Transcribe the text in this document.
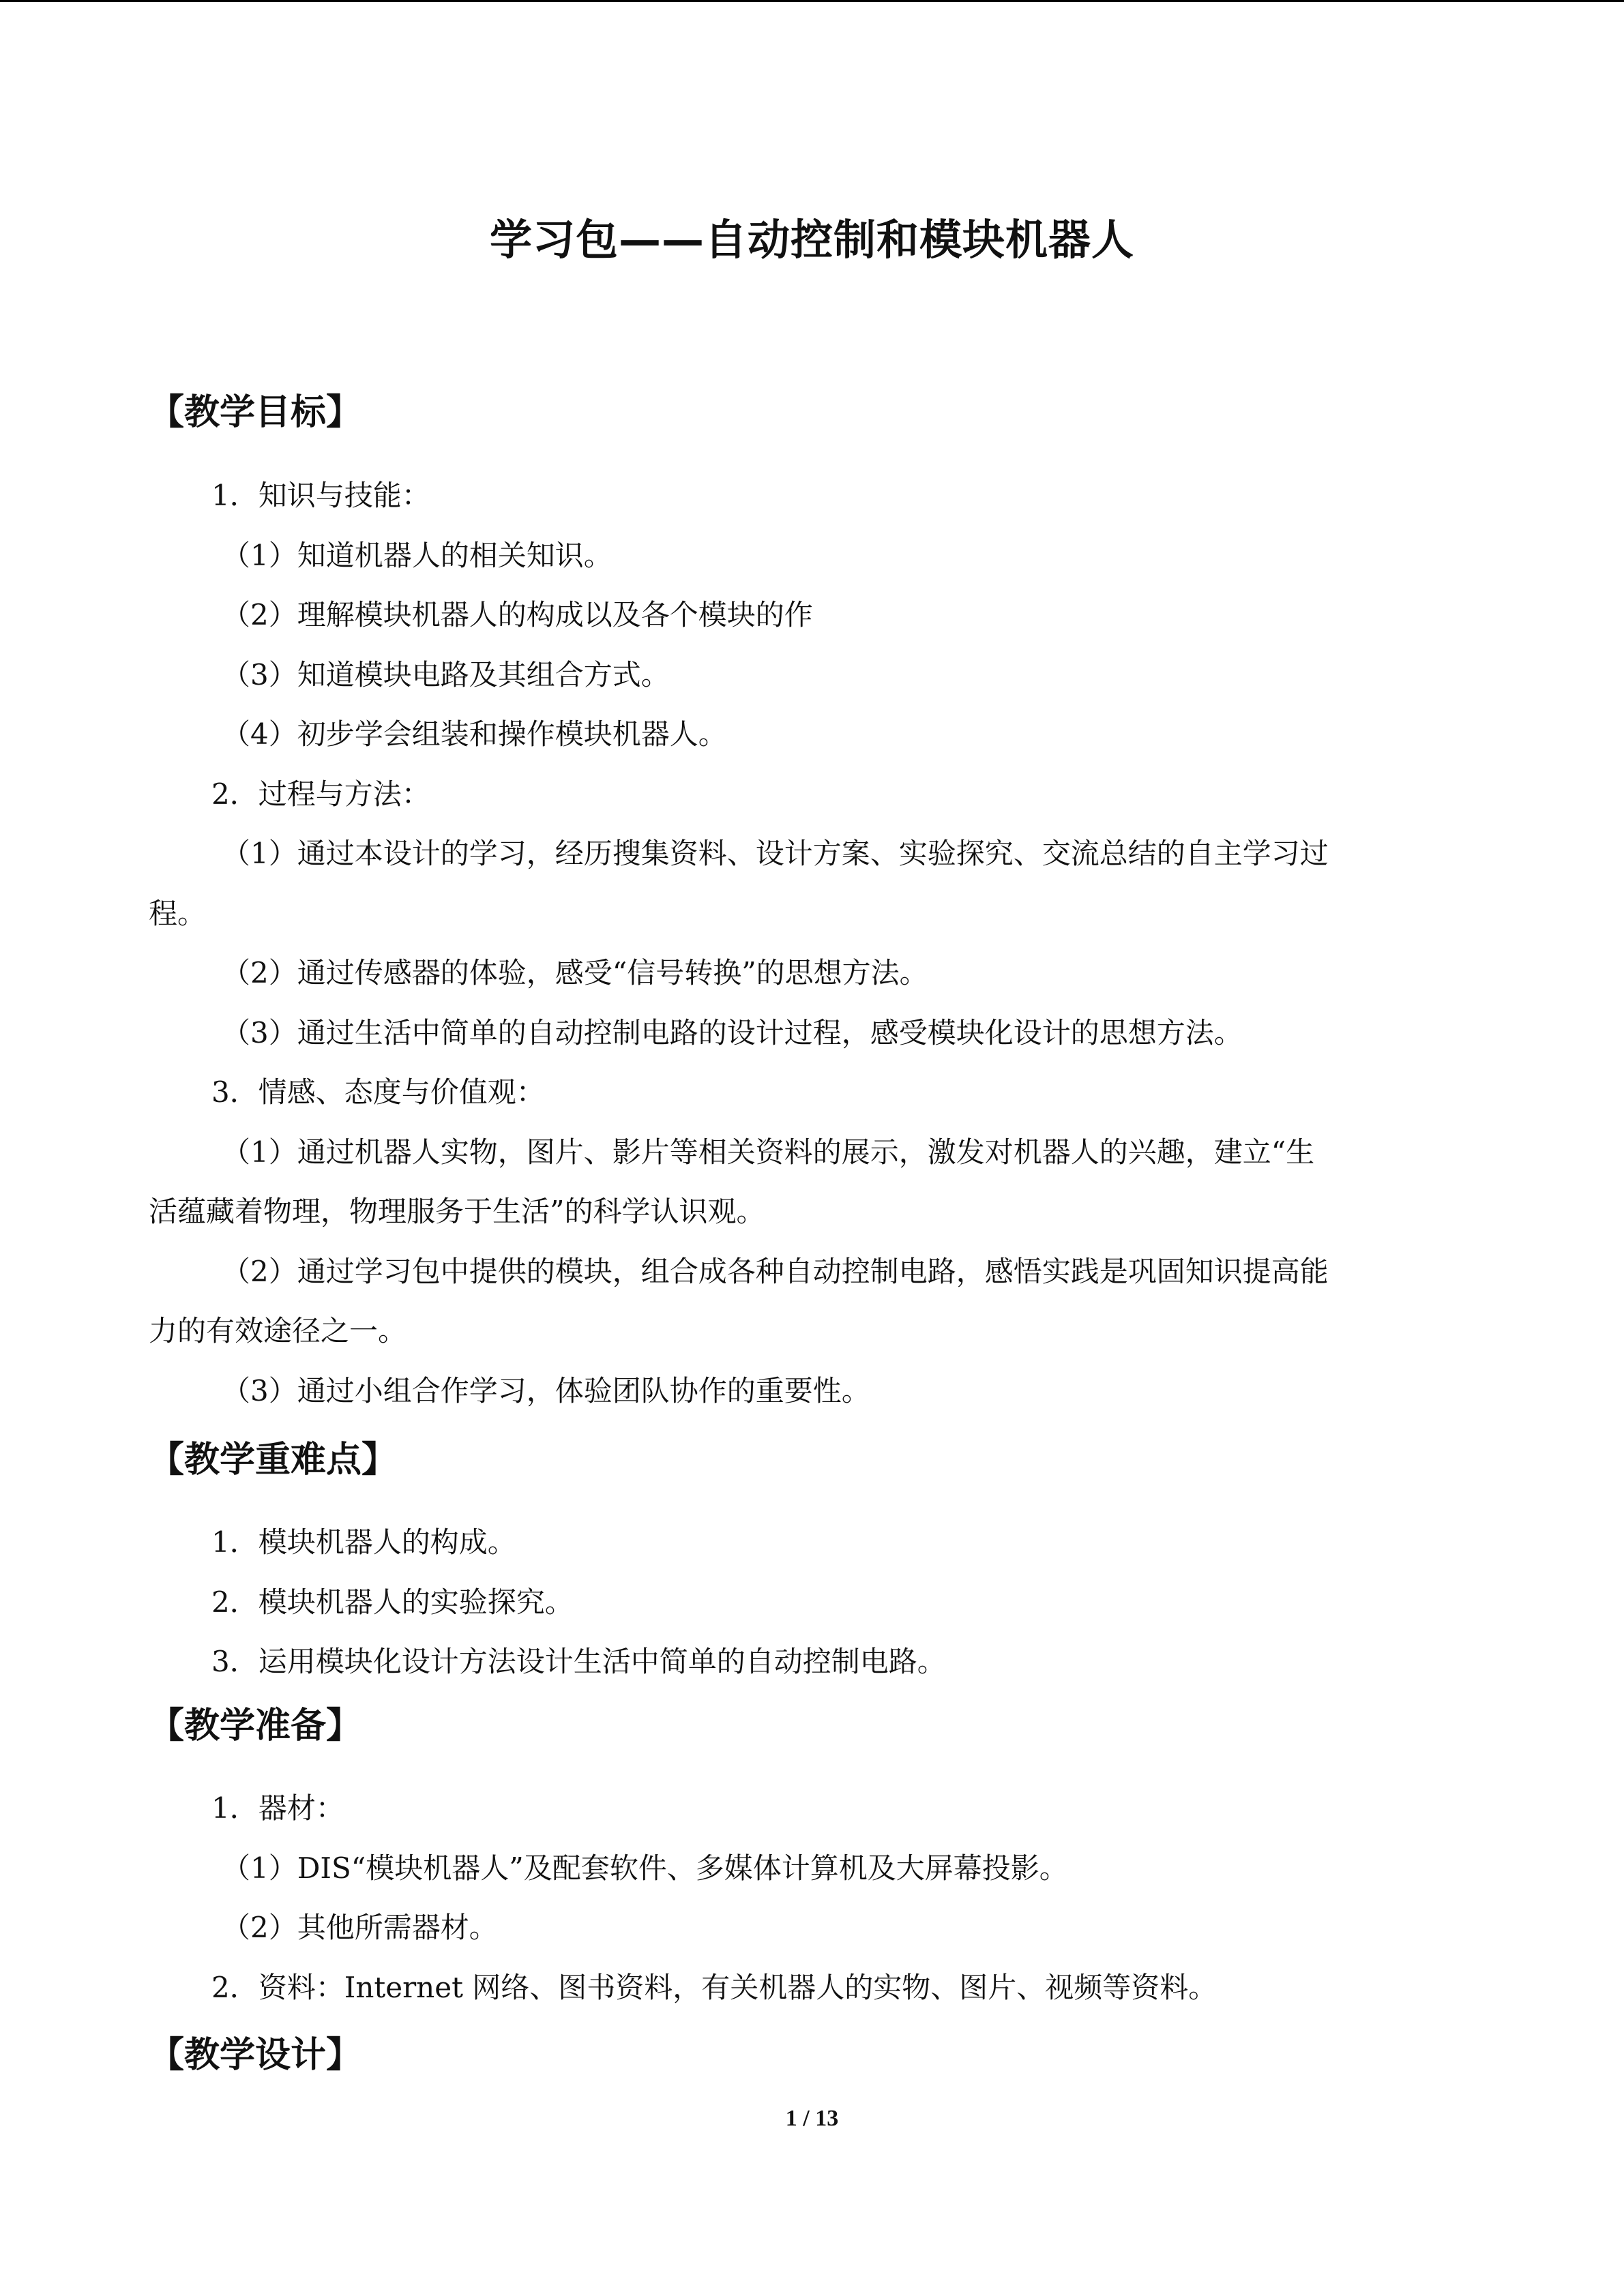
学习包——自动控制和模块机器人
【教学目标】
1．知识与技能：
（1）知道机器人的相关知识。
（2）理解模块机器人的构成以及各个模块的作
（3）知道模块电路及其组合方式。
（4）初步学会组装和操作模块机器人。
2．过程与方法：
（1）通过本设计的学习，经历搜集资料、设计方案、实验探究、交流总结的自主学习过
程。
（2）通过传感器的体验，感受“信号转换”的思想方法。
（3）通过生活中简单的自动控制电路的设计过程，感受模块化设计的思想方法。
3．情感、态度与价值观：
（1）通过机器人实物，图片、影片等相关资料的展示，激发对机器人的兴趣，建立“生
活蕴藏着物理，物理服务于生活”的科学认识观。
（2）通过学习包中提供的模块，组合成各种自动控制电路，感悟实践是巩固知识提高能
力的有效途径之一。
（3）通过小组合作学习，体验团队协作的重要性。
【教学重难点】
1．模块机器人的构成。
2．模块机器人的实验探究。
3．运用模块化设计方法设计生活中简单的自动控制电路。
【教学准备】
1．器材：
（1）DIS“模块机器人”及配套软件、多媒体计算机及大屏幕投影。
（2）其他所需器材。
2．资料：Internet 网络、图书资料，有关机器人的实物、图片、视频等资料。
【教学设计】
1 / 13
